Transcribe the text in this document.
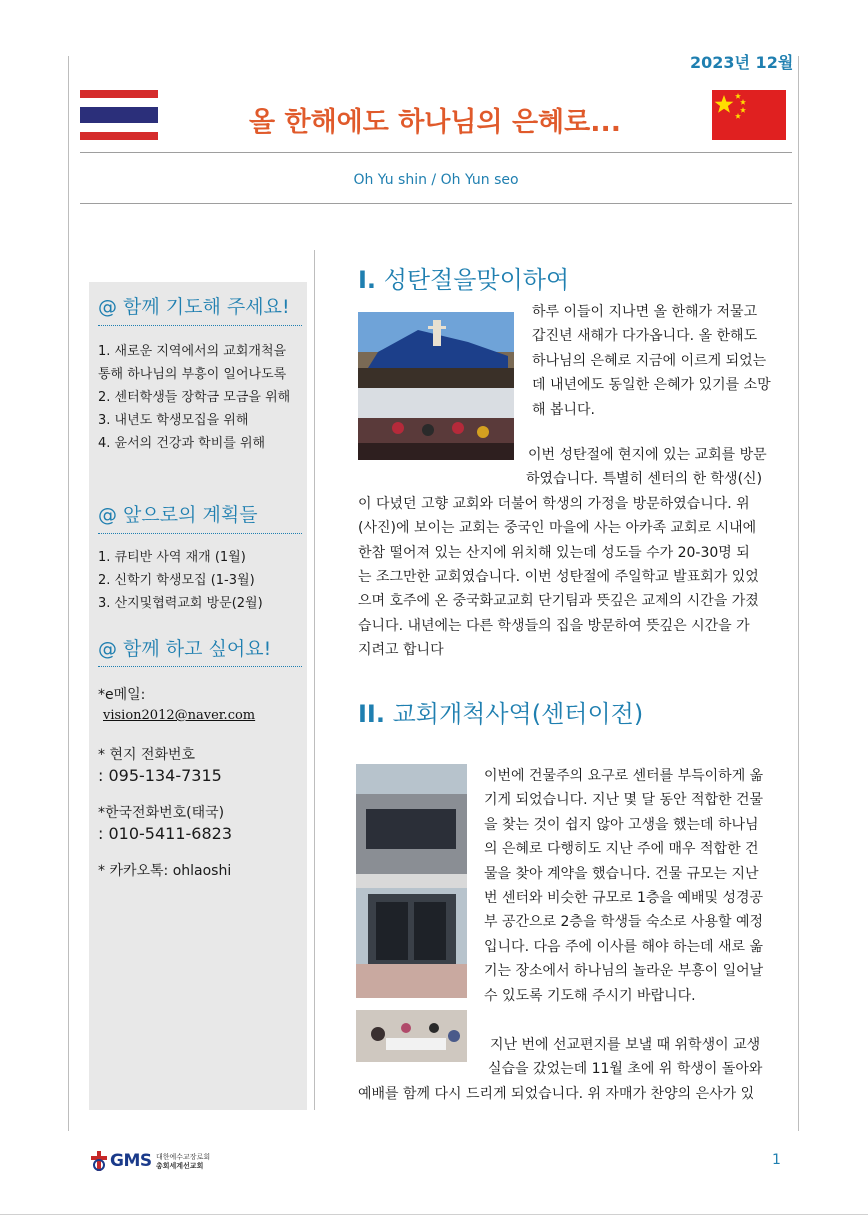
2023년 12월
올 한해에도 하나님의 은혜로...
Oh Yu shin / Oh Yun seo
@ 함께 기도해 주세요!
1. 새로운 지역에서의 교회개척을
통해 하나님의 부흥이 일어나도록
2. 센터학생들 장학금 모금을 위해
3. 내년도 학생모집을 위해
4. 윤서의 건강과 학비를 위해
@ 앞으로의 계획들
1. 큐티반 사역 재개 (1월)
2. 신학기 학생모집 (1-3월)
3. 산지및협력교회 방문(2월)
@ 함께 하고 싶어요!
*e메일:
vision2012@naver.com
* 현지 전화번호
: 095-134-7315
*한국전화번호(태국)
: 010-5411-6823
* 카카오톡: ohlaoshi
I. 성탄절을맞이하여
하루 이들이 지나면 올 한해가 저물고
갑진년 새해가 다가옵니다. 올 한해도
하나님의 은혜로 지금에 이르게 되었는
데 내년에도 동일한 은혜가 있기를 소망
해 봅니다.
이번 성탄절에 현지에 있는 교회를 방문
하였습니다. 특별히 센터의 한 학생(신)
이 다녔던 고향 교회와 더불어 학생의 가정을 방문하였습니다. 위
(사진)에 보이는 교회는 중국인 마을에 사는 아카족 교회로 시내에
한참 떨어져 있는 산지에 위치해 있는데 성도들 수가 20-30명 되
는 조그만한 교회였습니다. 이번 성탄절에 주일학교 발표회가 있었
으며 호주에 온 중국화교교회 단기팀과 뜻깊은 교제의 시간을 가졌
습니다. 내년에는 다른 학생들의 집을 방문하여 뜻깊은 시간을 가
지려고 합니다
II. 교회개척사역(센터이전)
이번에 건물주의 요구로 센터를 부득이하게 옮
기게 되었습니다. 지난 몇 달 동안 적합한 건물
을 찾는 것이 쉽지 않아 고생을 했는데 하나님
의 은혜로 다행히도 지난 주에 매우 적합한 건
물을 찾아 계약을 했습니다. 건물 규모는 지난
번 센터와 비슷한 규모로 1층을 예배및 성경공
부 공간으로 2층을 학생들 숙소로 사용할 예정
입니다. 다음 주에 이사를 해야 하는데 새로 옮
기는 장소에서 하나님의 놀라운 부흥이 일어날
수 있도록 기도해 주시기 바랍니다.
지난 번에 선교편지를 보낼 때 위학생이 교생
실습을 갔었는데 11월 초에 위 학생이 돌아와
예배를 함께 다시 드리게 되었습니다. 위 자매가 찬양의 은사가 있
GMS 대한예수교장로회
총회세계선교회	1
